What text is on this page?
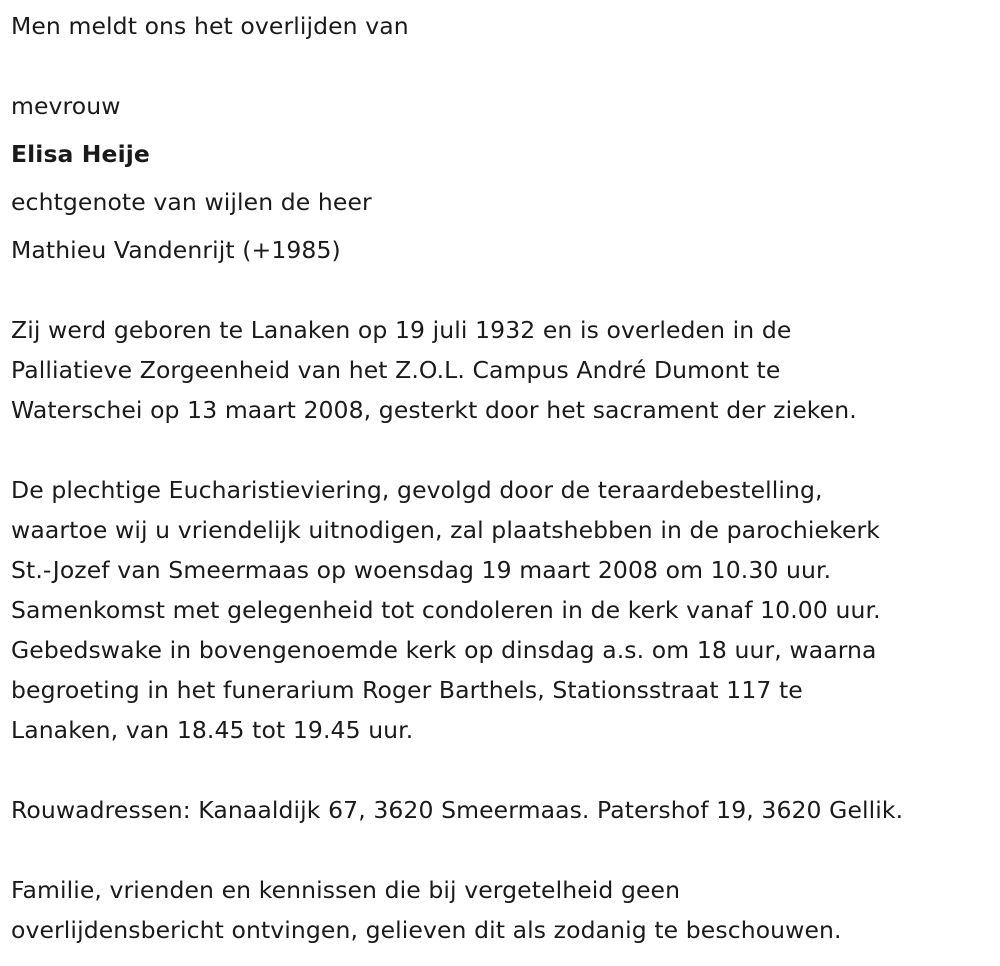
Men meldt ons het overlijden van
mevrouw
Elisa Heije
echtgenote van wijlen de heer
Mathieu Vandenrijt (+1985)
Zij werd geboren te Lanaken op 19 juli 1932 en is overleden in de
Palliatieve Zorgeenheid van het Z.O.L. Campus André Dumont te
Waterschei op 13 maart 2008, gesterkt door het sacrament der zieken.
De plechtige Eucharistieviering, gevolgd door de teraardebestelling,
waartoe wij u vriendelijk uitnodigen, zal plaatshebben in de parochiekerk
St.-Jozef van Smeermaas op woensdag 19 maart 2008 om 10.30 uur.
Samenkomst met gelegenheid tot condoleren in de kerk vanaf 10.00 uur.
Gebedswake in bovengenoemde kerk op dinsdag a.s. om 18 uur, waarna
begroeting in het funerarium Roger Barthels, Stationsstraat 117 te
Lanaken, van 18.45 tot 19.45 uur.
Rouwadressen: Kanaaldijk 67, 3620 Smeermaas. Patershof 19, 3620 Gellik.
Familie, vrienden en kennissen die bij vergetelheid geen
overlijdensbericht ontvingen, gelieven dit als zodanig te beschouwen.
